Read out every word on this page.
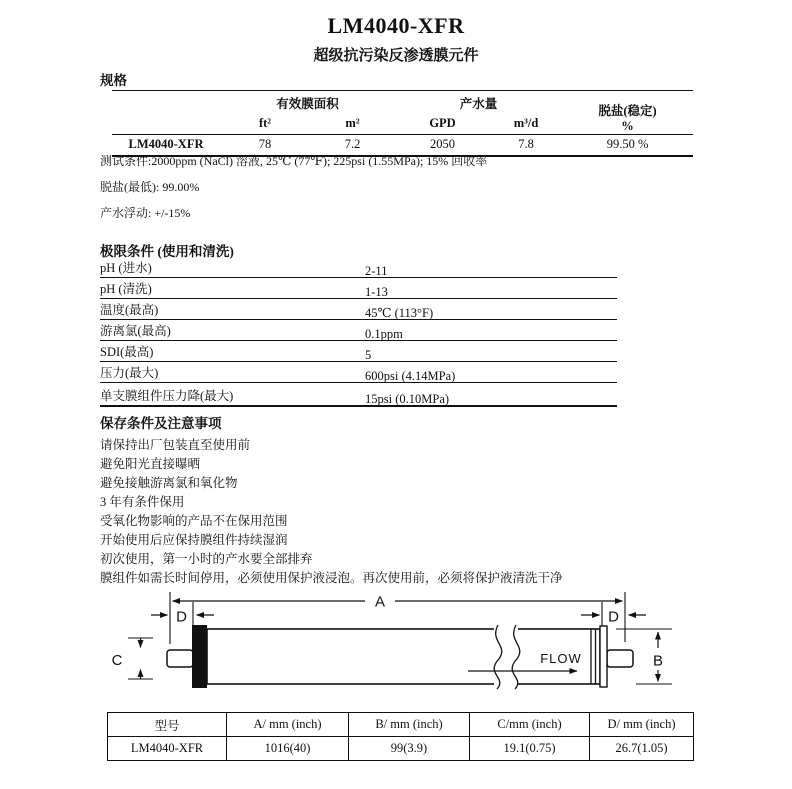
LM4040-XFR
超级抗污染反渗透膜元件
规格
	有效膜面积		产水量		脱盐(稳定)
%

	ft²	m²	GPD	m³/d	
LM4040-XFR	78	7.2	2050	7.8	99.50 %
测试条件:2000ppm (NaCl) 溶液, 25℃ (77℉); 225psi (1.55MPa); 15% 回收率
脱盐(最低): 99.00%
产水浮动: +/-15%
极限条件 (使用和清洗)
pH (进水)	2-11
pH (清洗)	1-13
温度(最高)	45℃ (113°F)
游离氯(最高)	0.1ppm
SDI(最高)	5
压力(最大)	600psi (4.14MPa)
单支膜组件压力降(最大)	15psi (0.10MPa)
保存条件及注意事项
请保持出厂包装直至使用前
避免阳光直接曝晒
避免接触游离氯和氧化物
3 年有条件保用
受氧化物影响的产品不在保用范围
开始使用后应保持膜组件持续湿润
初次使用，第一小时的产水要全部排弃
膜组件如需长时间停用，必须使用保护液浸泡。再次使用前，必须将保护液清洗干净
A
D	D
FLOW
C	B
型号	A/ mm (inch)	B/ mm (inch)	C/mm (inch)	D/ mm (inch)
LM4040-XFR	1016(40)	99(3.9)	19.1(0.75)	26.7(1.05)
